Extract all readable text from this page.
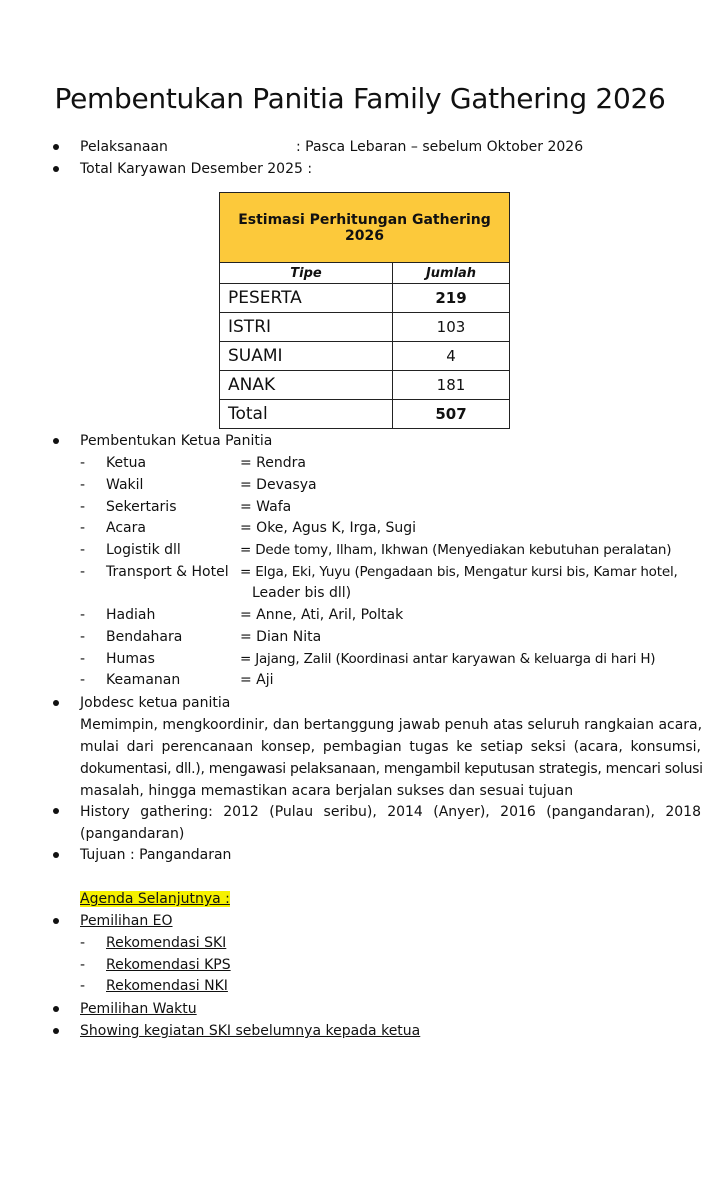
Pembentukan Panitia Family Gathering 2026
Pelaksanaan	: Pasca Lebaran – sebelum Oktober 2026
Total Karyawan Desember 2025 :
Estimasi Perhitungan Gathering 2026	
Tipe	Jumlah
PESERTA	219
ISTRI	103
SUAMI	4
ANAK	181
Total	507
Pembentukan Ketua Panitia
- Ketua	= Rendra
- Wakil	= Devasya
- Sekertaris	= Wafa
- Acara	= Oke, Agus K, Irga, Sugi
- Logistik dll	= Dede tomy, Ilham, Ikhwan (Menyediakan kebutuhan peralatan)
- Transport & Hotel = Elga, Eki, Yuyu (Pengadaan bis, Mengatur kursi bis, Kamar hotel,
Leader bis dll)
- Hadiah	= Anne, Ati, Aril, Poltak
- Bendahara	= Dian Nita
- Humas	= Jajang, Zalil (Koordinasi antar karyawan & keluarga di hari H)
- Keamanan	= Aji
Jobdesc ketua panitia
Memimpin, mengkoordinir, dan bertanggung jawab penuh atas seluruh rangkaian acara,
mulai dari perencanaan konsep, pembagian tugas ke setiap seksi (acara, konsumsi,
dokumentasi, dll.), mengawasi pelaksanaan, mengambil keputusan strategis, mencari solusi
masalah, hingga memastikan acara berjalan sukses dan sesuai tujuan
History gathering: 2012 (Pulau seribu), 2014 (Anyer), 2016 (pangandaran), 2018
(pangandaran)
Tujuan : Pangandaran
Agenda Selanjutnya :
Pemilihan EO
- Rekomendasi SKI
- Rekomendasi KPS
- Rekomendasi NKI
Pemilihan Waktu
Showing kegiatan SKI sebelumnya kepada ketua
